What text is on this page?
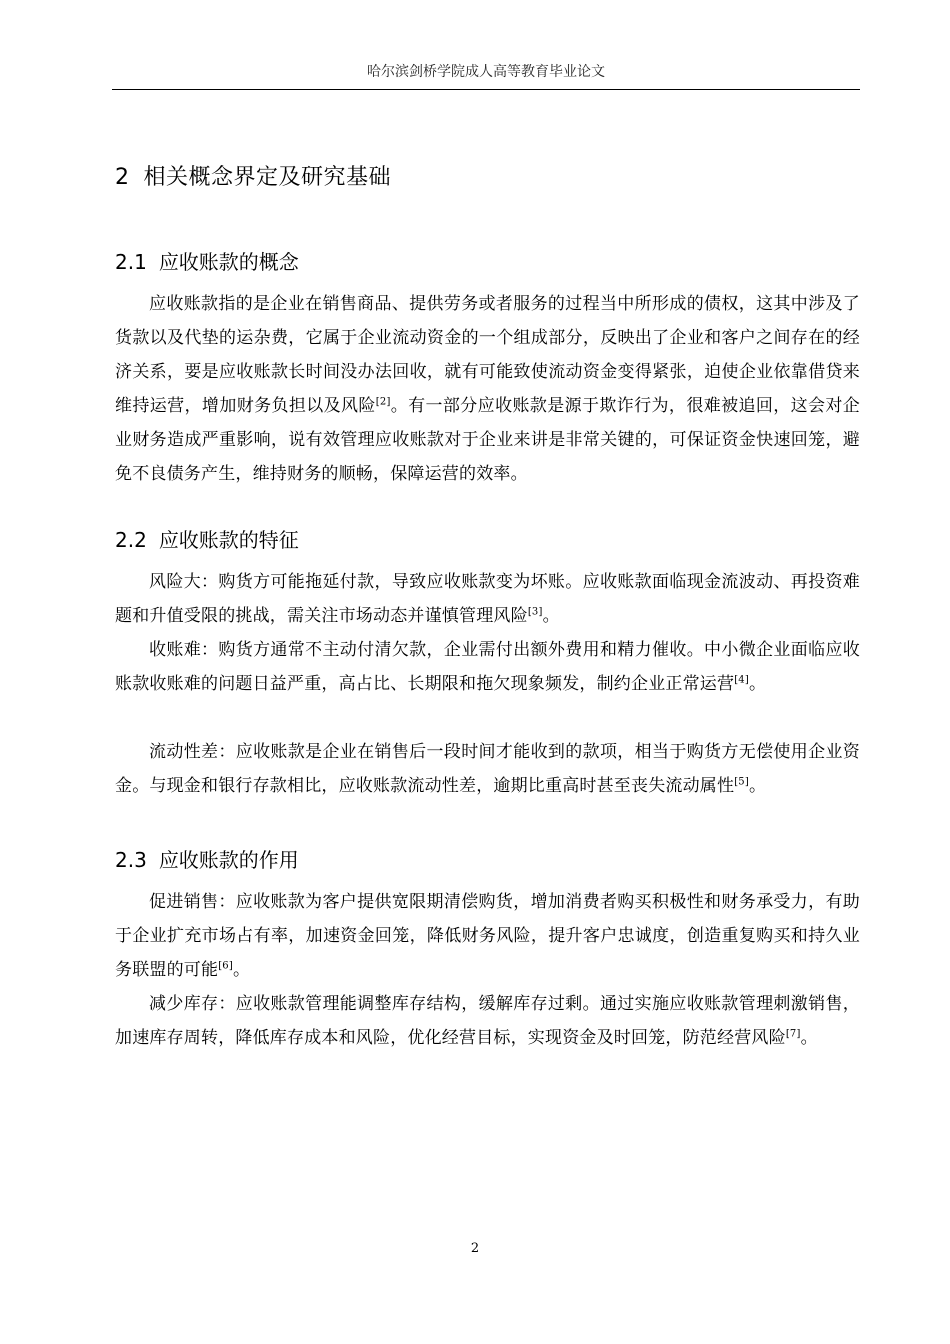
哈尔滨剑桥学院成人高等教育毕业论文
2 相关概念界定及研究基础
2.1 应收账款的概念
应收账款指的是企业在销售商品、提供劳务或者服务的过程当中所形成的债权，这其中涉及了货款以及代垫的运杂费，它属于企业流动资金的一个组成部分，反映出了企业和客户之间存在的经济关系，要是应收账款长时间没办法回收，就有可能致使流动资金变得紧张，迫使企业依靠借贷来维持运营，增加财务负担以及风险[2]。有一部分应收账款是源于欺诈行为，很难被追回，这会对企业财务造成严重影响，说有效管理应收账款对于企业来讲是非常关键的，可保证资金快速回笼，避免不良债务产生，维持财务的顺畅，保障运营的效率。
2.2 应收账款的特征
风险大：购货方可能拖延付款，导致应收账款变为坏账。应收账款面临现金流波动、再投资难题和升值受限的挑战，需关注市场动态并谨慎管理风险[3]。
收账难：购货方通常不主动付清欠款，企业需付出额外费用和精力催收。中小微企业面临应收账款收账难的问题日益严重，高占比、长期限和拖欠现象频发，制约企业正常运营[4]。
流动性差：应收账款是企业在销售后一段时间才能收到的款项，相当于购货方无偿使用企业资金。与现金和银行存款相比，应收账款流动性差，逾期比重高时甚至丧失流动属性[5]。
2.3 应收账款的作用
促进销售：应收账款为客户提供宽限期清偿购货，增加消费者购买积极性和财务承受力，有助于企业扩充市场占有率，加速资金回笼，降低财务风险，提升客户忠诚度，创造重复购买和持久业务联盟的可能[6]。
减少库存：应收账款管理能调整库存结构，缓解库存过剩。通过实施应收账款管理刺激销售，加速库存周转，降低库存成本和风险，优化经营目标，实现资金及时回笼，防范经营风险[7]。
2
